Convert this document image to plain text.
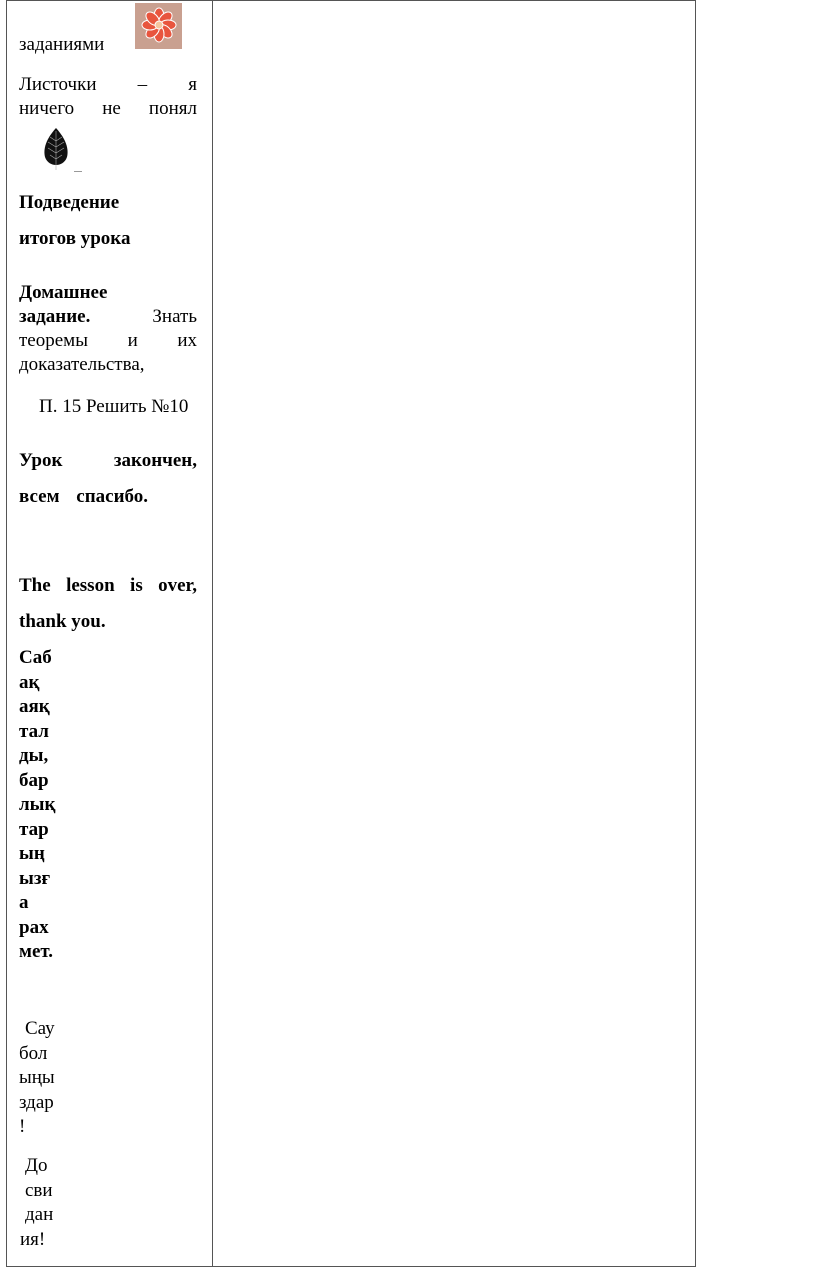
заданиями
Листочки – я
ничего не понял
Подведение
итогов урока
Домашнее
задание.	Знать
теоремы и их
доказательства,
П. 15 Решить №10
Урок	закончен,
всем спасибо.
The lesson is over,
thank you.
Саб
ақ
аяқ
тал
ды,
бар
лық
тар
ың
ызғ
а
рах
мет.
Сау
бол
ыңы
здар
!
До
сви
дан
ия!
